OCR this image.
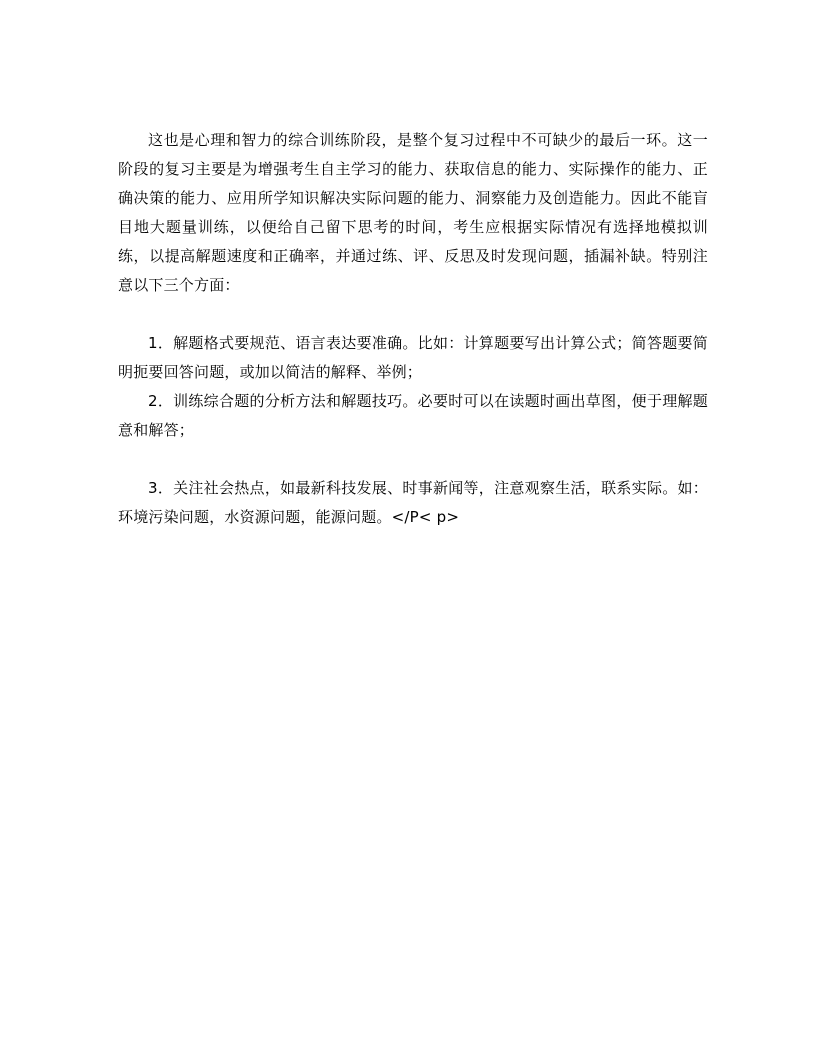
这也是心理和智力的综合训练阶段，是整个复习过程中不可缺少的最后一环。这一阶段的复习主要是为增强考生自主学习的能力、获取信息的能力、实际操作的能力、正确决策的能力、应用所学知识解决实际问题的能力、洞察能力及创造能力。因此不能盲目地大题量训练，以便给自己留下思考的时间，考生应根据实际情况有选择地模拟训练，以提高解题速度和正确率，并通过练、评、反思及时发现问题，插漏补缺。特别注意以下三个方面：

1．解题格式要规范、语言表达要准确。比如：计算题要写出计算公式；简答题要简明扼要回答问题，或加以简洁的解释、举例；

2．训练综合题的分析方法和解题技巧。必要时可以在读题时画出草图，便于理解题意和解答；

3．关注社会热点，如最新科技发展、时事新闻等，注意观察生活，联系实际。如：环境污染问题，水资源问题，能源问题。</P< p>
